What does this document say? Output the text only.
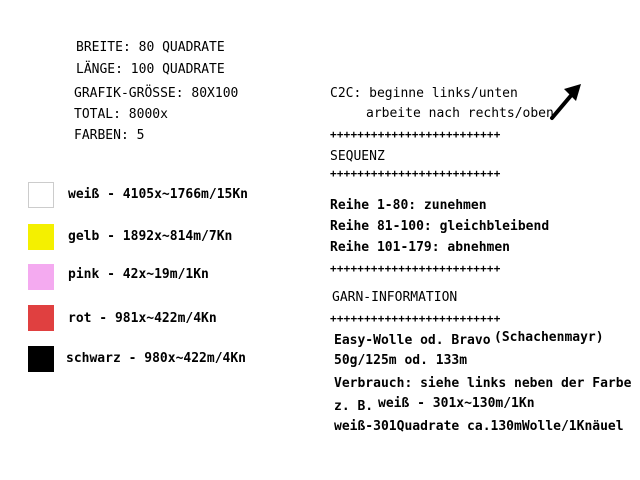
BREITE: 80 QUADRATE
LÄNGE: 100 QUADRATE
GRAFIK-GRÖSSE: 80X100
TOTAL: 8000x
FARBEN: 5
weiß - 4105x~1766m/15Kn
gelb - 1892x~814m/7Kn
pink - 42x~19m/1Kn
rot - 981x~422m/4Kn
schwarz - 980x~422m/4Kn
C2C: beginne links/unten
arbeite nach rechts/oben
+++++++++++++++++++++++++
SEQUENZ
+++++++++++++++++++++++++
Reihe 1-80: zunehmen
Reihe 81-100: gleichbleibend
Reihe 101-179: abnehmen
+++++++++++++++++++++++++
GARN-INFORMATION
+++++++++++++++++++++++++
Easy-Wolle od. Bravo (Schachenmayr)
50g/125m od. 133m
Verbrauch: siehe links neben der Farbe
z. B. weiß - 301x~130m/1Kn
weiß-301Quadrate ca.130mWolle/1Knäuel
